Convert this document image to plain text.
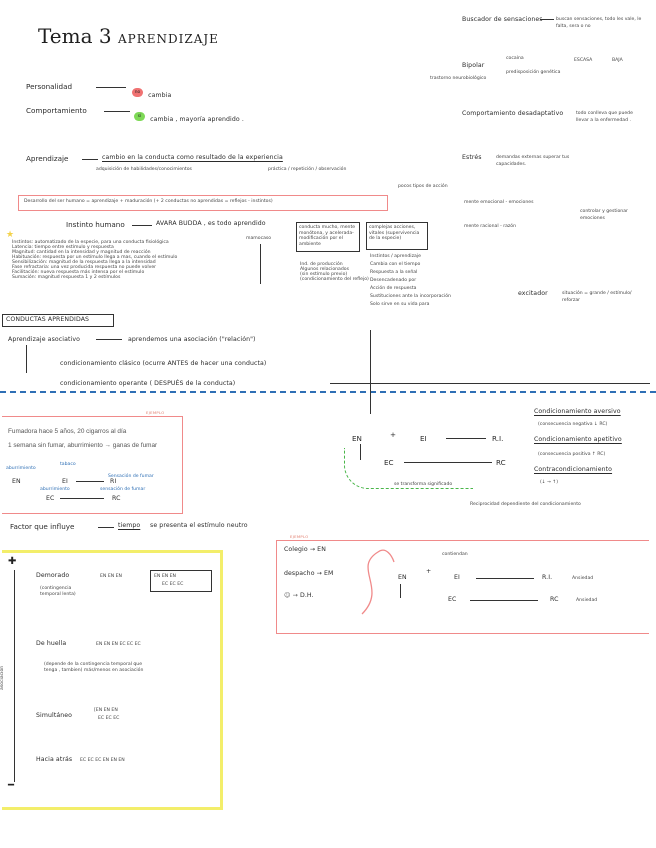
Tema 3 APRENDIZAJE
Personalidad
no cambia
Comportamiento
sí cambia , mayoría aprendido .
Aprendizaje	cambio en la conducta como resultado de la experiencia
adquisición de habilidades/conocimientos	práctica / repetición / observación
Desarrollo del ser humano = aprendizaje + maduración (+ 2 conductas no aprendidas = reflejos - instintos)
Instinto humano	AVARA BUDDA , es todo aprendido
mamocaso
★
Instintos: automatizado de la especie, para una conducta fisiológica
Latencia: tiempo entre estímulo y respuesta
Magnitud: cantidad en la intensidad y magnitud de reacción
Habituación: respuesta por un estímulo llega a mas, cuando el estímulo
Sensibilización: magnitud de la respuesta llega a la intensidad
Fase refractaria: una vez producida respuesta no puede volver
Facilitación: nueva respuesta más intensa por el estímulo
Sumación: magnitud respuesta 1 y 2 estímulos
conducta mucho, mente monótona, y acelerada-modificación por el ambiente
complejas acciones, vitales (supervivencia de la especie)
pocos tipos de acción
Ind. de producción
Algunos relacionados
(sin estímulo previo)
(condicionamiento del reflejo)
Instintos / aprendizaje
Cambia con el tiempo
Respuesta a la señal
Desencadenado por
Acción de respuesta
Sustituciones ante la incorporación
Solo sirve en su vida para
Buscador de sensaciones	buscan sensaciones, todo les vale, le falta, sera o no
ESCASA	BAJA
Bipolar
cocaína
predisposición genética
trastorno neurobiológico
Comportamiento desadaptativo	todo conlleva que puede llevar a la enfermedad .
Estrés	demandas externas superar tus capacidades.
mente emocional - emociones
mente racional - razón
controlar y gestionar emociones
excitador	situación = grande / estímulo/ reforzar
CONDUCTAS APRENDIDAS
Aprendizaje asociativo	aprendemos una asociación ("relación")
condicionamiento clásico (ocurre ANTES de hacer una conducta)
condicionamiento operante ( DESPUÉS de la conducta)
EJEMPLO
Fumadora hace 5 años, 20 cigarros al día
1 semana sin fumar, aburrimiento → ganas de fumar
aburrimiento
tabaco
Sensación de fumar
EN	EI	RI
aburrimiento	sensación de fumar
EC	RC
EN	+	EI	R.I.
EC	RC
se transforma significado
Reciprocidad dependiente del condicionamiento
Condicionamiento aversivo
(consecuencia negativa ↓ RC)
Condicionamiento apetitivo
(consecuencia positiva ↑ RC)
Contracondicionamiento
(↓ → ↑)
Factor que influye	tiempo se presenta el estímulo neutro
✚
━
asociación
Demorado
(contingencia temporal lenta)
EN EN EN	EN EN EN
EC EC EC
De huella	EN EN EN EC EC EC
(depende de la contingencia temporal que tenga , tambien) más/menos en asociación
Simultáneo
[EN EN EN
EC EC EC
Hacia atrás EC EC EC EN EN EN
EJEMPLO
Colegio → EN
despacho → EM
☺ → D.H.
contiendan
EN
+
EI	R.I.	Ansiedad
EC	RC	Ansiedad
